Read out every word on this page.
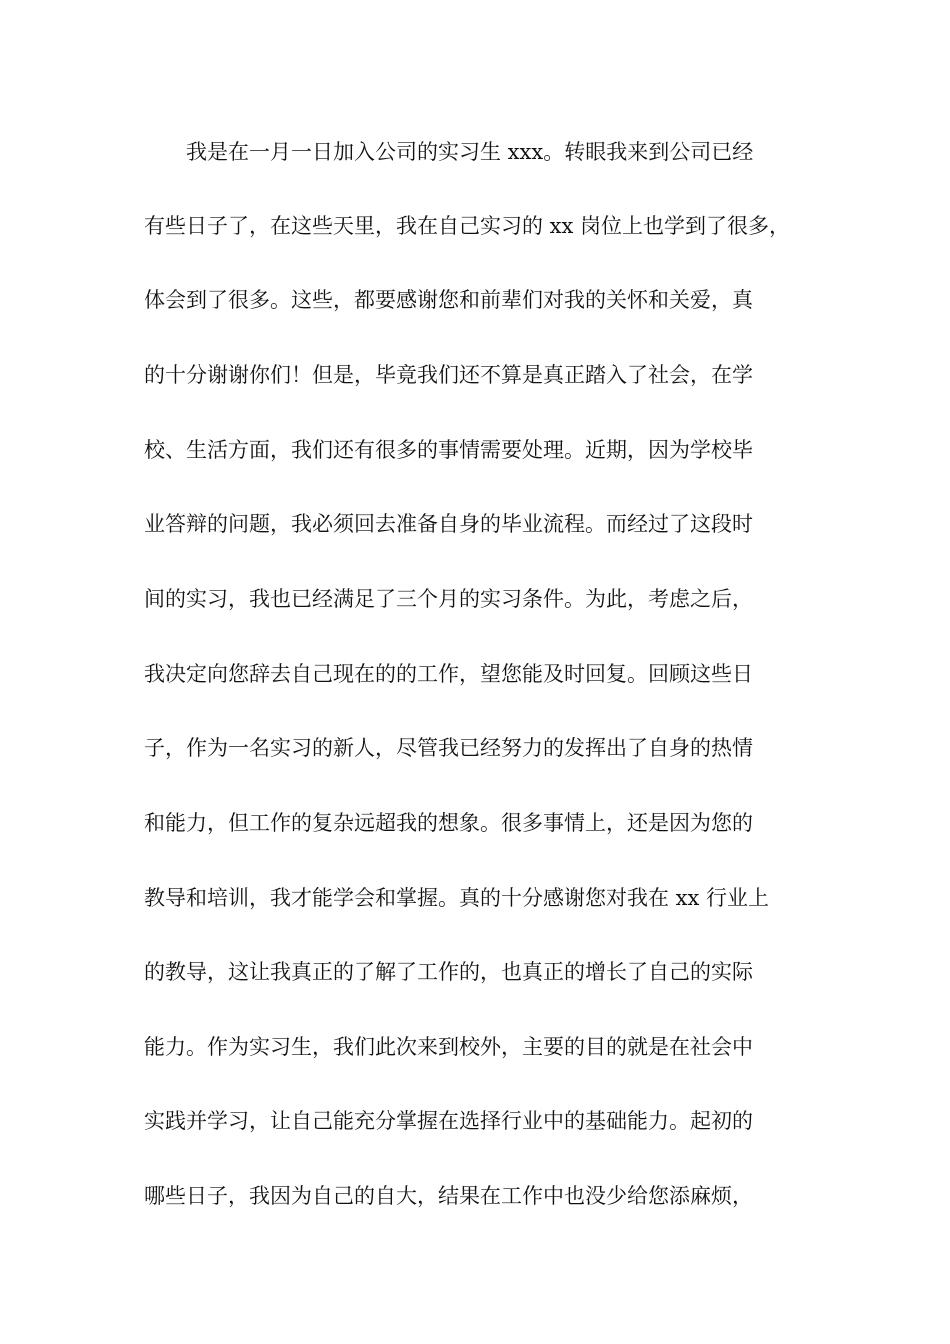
　　我是在一月一日加入公司的实习生 xxx。转眼我来到公司已经
有些日子了，在这些天里，我在自己实习的 xx 岗位上也学到了很多，
体会到了很多。这些，都要感谢您和前辈们对我的关怀和关爱，真
的十分谢谢你们！但是，毕竟我们还不算是真正踏入了社会，在学
校、生活方面，我们还有很多的事情需要处理。近期，因为学校毕
业答辩的问题，我必须回去准备自身的毕业流程。而经过了这段时
间的实习，我也已经满足了三个月的实习条件。为此，考虑之后，
我决定向您辞去自己现在的的工作，望您能及时回复。回顾这些日
子，作为一名实习的新人，尽管我已经努力的发挥出了自身的热情
和能力，但工作的复杂远超我的想象。很多事情上，还是因为您的
教导和培训，我才能学会和掌握。真的十分感谢您对我在 xx 行业上
的教导，这让我真正的了解了工作的，也真正的增长了自己的实际
能力。作为实习生，我们此次来到校外，主要的目的就是在社会中
实践并学习，让自己能充分掌握在选择行业中的基础能力。起初的
哪些日子，我因为自己的自大，结果在工作中也没少给您添麻烦，
